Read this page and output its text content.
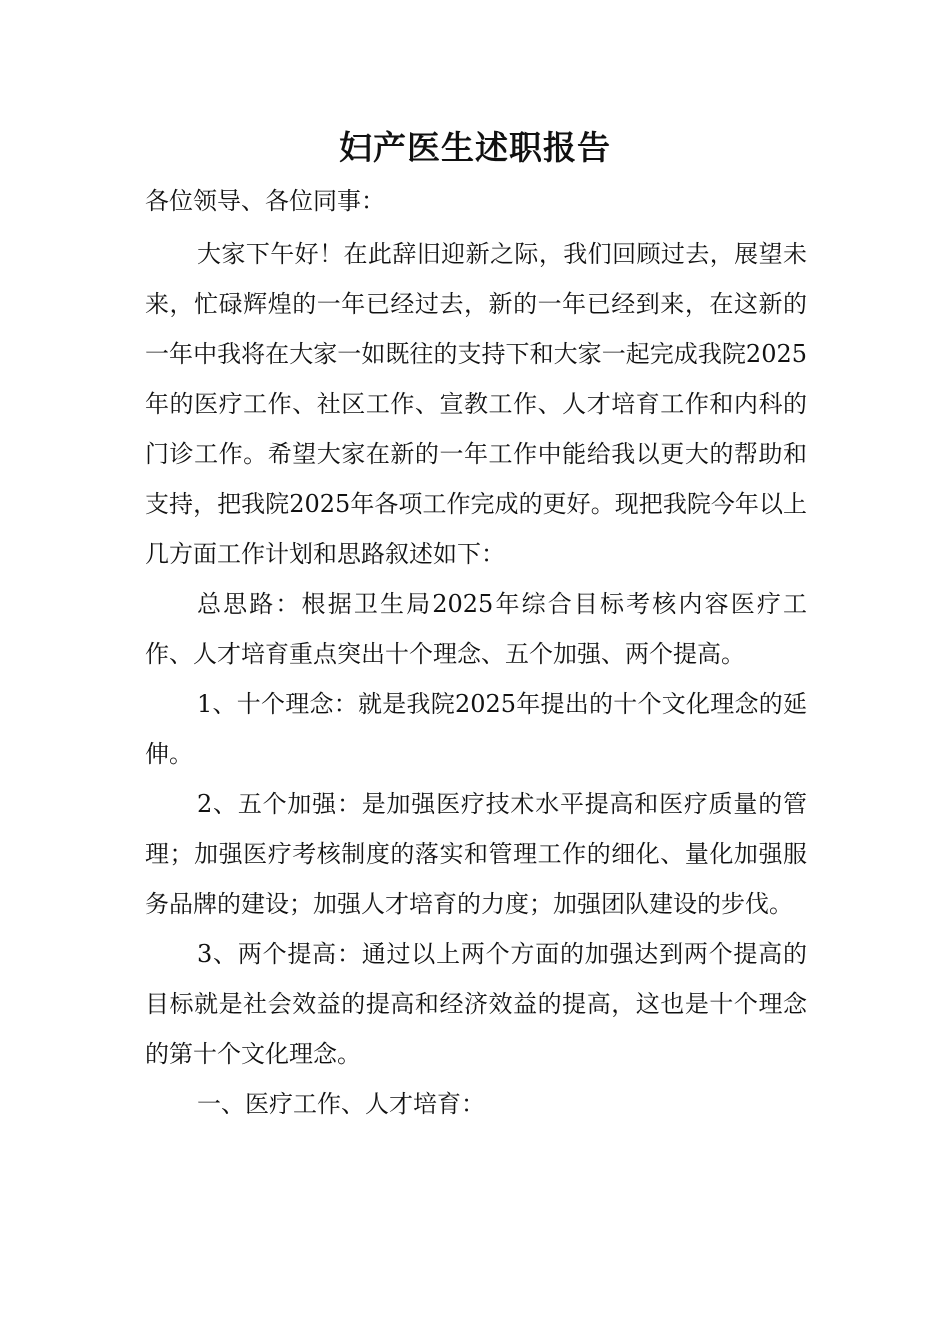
妇产医生述职报告
各位领导、各位同事：

大家下午好！在此辞旧迎新之际，我们回顾过去，展望未来，忙碌辉煌的一年已经过去，新的一年已经到来，在这新的一年中我将在大家一如既往的支持下和大家一起完成我院2025年的医疗工作、社区工作、宣教工作、人才培育工作和内科的门诊工作。希望大家在新的一年工作中能给我以更大的帮助和支持，把我院2025年各项工作完成的更好。现把我院今年以上几方面工作计划和思路叙述如下：

总思路：根据卫生局2025年综合目标考核内容医疗工作、人才培育重点突出十个理念、五个加强、两个提高。

1、十个理念：就是我院2025年提出的十个文化理念的延伸。

2、五个加强：是加强医疗技术水平提高和医疗质量的管理；加强医疗考核制度的落实和管理工作的细化、量化加强服务品牌的建设；加强人才培育的力度；加强团队建设的步伐。

3、两个提高：通过以上两个方面的加强达到两个提高的目标就是社会效益的提高和经济效益的提高，这也是十个理念的第十个文化理念。

一、医疗工作、人才培育：
